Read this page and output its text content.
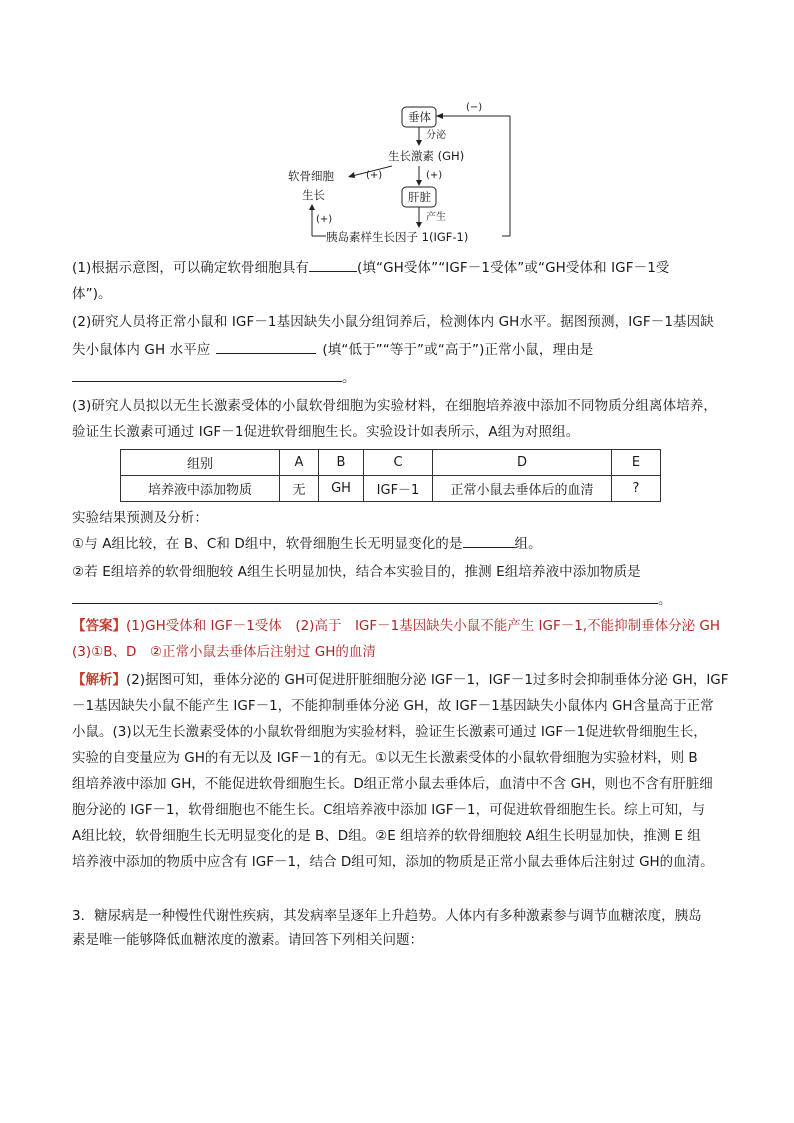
垂体
(−)
分泌
生长激素 (GH)
(+)
软骨细胞
生长
(+)
肝脏
产生
胰岛素样生长因子 1(IGF-1)
(+)
(1)根据示意图，可以确定软骨细胞具有	(填“GH受体”“IGF－1受体”或“GH受体和 IGF－1受
体”)。
(2)研究人员将正常小鼠和 IGF－1基因缺失小鼠分组饲养后，检测体内 GH水平。据图预测，IGF－1基因缺
失小鼠体内 GH 水平应	(填“低于”“等于”或“高于”)正常小鼠，理由是
。
(3)研究人员拟以无生长激素受体的小鼠软骨细胞为实验材料，在细胞培养液中添加不同物质分组离体培养，
验证生长激素可通过 IGF－1促进软骨细胞生长。实验设计如表所示，A组为对照组。
组别	A	B	C	D	E
培养液中添加物质	无	GH	IGF－1	正常小鼠去垂体后的血清	?
实验结果预测及分析：
①与 A组比较，在 B、C和 D组中，软骨细胞生长无明显变化的是	组。
②若 E组培养的软骨细胞较 A组生长明显加快，结合本实验目的，推测 E组培养液中添加物质是
。
【答案】(1)GH受体和 IGF－1受体　(2)高于　IGF－1基因缺失小鼠不能产生 IGF－1,不能抑制垂体分泌 GH
(3)①B、D　②正常小鼠去垂体后注射过 GH的血清
【解析】(2)据图可知，垂体分泌的 GH可促进肝脏细胞分泌 IGF－1，IGF－1过多时会抑制垂体分泌 GH，IGF
－1基因缺失小鼠不能产生 IGF－1，不能抑制垂体分泌 GH，故 IGF－1基因缺失小鼠体内 GH含量高于正常
小鼠。(3)以无生长激素受体的小鼠软骨细胞为实验材料，验证生长激素可通过 IGF－1促进软骨细胞生长，
实验的自变量应为 GH的有无以及 IGF－1的有无。①以无生长激素受体的小鼠软骨细胞为实验材料，则 B
组培养液中添加 GH，不能促进软骨细胞生长。D组正常小鼠去垂体后，血清中不含 GH，则也不含有肝脏细
胞分泌的 IGF－1，软骨细胞也不能生长。C组培养液中添加 IGF－1，可促进软骨细胞生长。综上可知，与
A组比较，软骨细胞生长无明显变化的是 B、D组。②E 组培养的软骨细胞较 A组生长明显加快，推测 E 组
培养液中添加的物质中应含有 IGF－1，结合 D组可知，添加的物质是正常小鼠去垂体后注射过 GH的血清。
3．糖尿病是一种慢性代谢性疾病，其发病率呈逐年上升趋势。人体内有多种激素参与调节血糖浓度，胰岛
素是唯一能够降低血糖浓度的激素。请回答下列相关问题：
